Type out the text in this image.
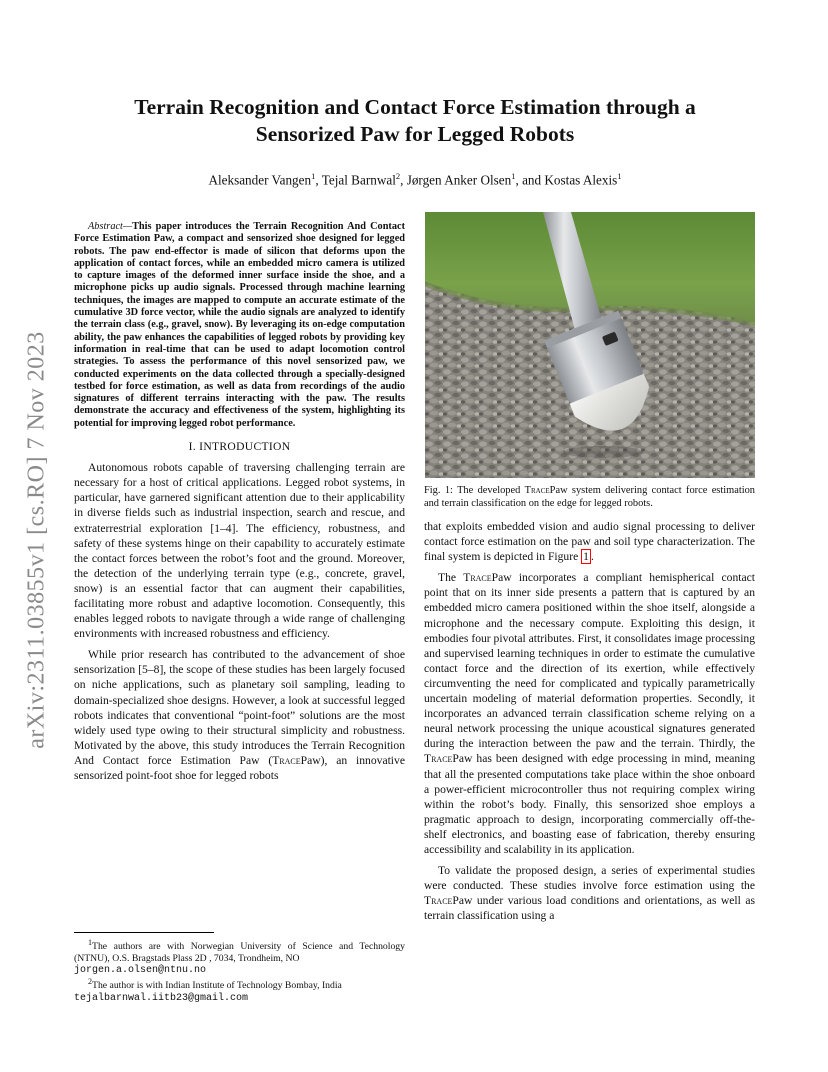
arXiv:2311.03855v1 [cs.RO] 7 Nov 2023
Terrain Recognition and Contact Force Estimation through a Sensorized Paw for Legged Robots
Aleksander Vangen$^1$, Tejal Barnwal$^2$, Jørgen Anker Olsen$^1$, and Kostas Alexis$^1$

Abstract—This paper introduces the Terrain Recognition And Contact Force Estimation Paw, a compact and sensorized shoe designed for legged robots. The paw end-effector is made of silicon that deforms upon the application of contact forces, while an embedded micro camera is utilized to capture images of the deformed inner surface inside the shoe, and a microphone picks up audio signals. Processed through machine learning techniques, the images are mapped to compute an accurate estimate of the cumulative 3D force vector, while the audio signals are analyzed to identify the terrain class (e.g., gravel, snow). By leveraging its on-edge computation ability, the paw enhances the capabilities of legged robots by providing key information in real-time that can be used to adapt locomotion control strategies. To assess the performance of this novel sensorized paw, we conducted experiments on the data collected through a specially-designed testbed for force estimation, as well as data from recordings of the audio signatures of different terrains interacting with the paw. The results demonstrate the accuracy and effectiveness of the system, highlighting its potential for improving legged robot performance.

I. INTRODUCTION

Autonomous robots capable of traversing challenging terrain are necessary for a host of critical applications. Legged robot systems, in particular, have garnered significant attention due to their applicability in diverse fields such as industrial inspection, search and rescue, and extraterrestrial exploration [1–4]. The efficiency, robustness, and safety of these systems hinge on their capability to accurately estimate the contact forces between the robot’s foot and the ground. Moreover, the detection of the underlying terrain type (e.g., concrete, gravel, snow) is an essential factor that can augment their capabilities, facilitating more robust and adaptive locomotion. Consequently, this enables legged robots to navigate through a wide range of challenging environments with increased robustness and efficiency.

While prior research has contributed to the advancement of shoe sensorization [5–8], the scope of these studies has been largely focused on niche applications, such as planetary soil sampling, leading to domain-specialized shoe designs. However, a look at successful legged robots indicates that conventional “point-foot” solutions are the most widely used type owing to their structural simplicity and robustness. Motivated by the above, this study introduces the Terrain Recognition And Contact force Estimation Paw (TracePaw), an innovative sensorized point-foot shoe for legged robots

$^1$The authors are with Norwegian University of Science and Technology (NTNU), O.S. Bragstads Plass 2D , 7034, Trondheim, NO
jorgen.a.olsen@ntnu.no

$^2$The author is with Indian Institute of Technology Bombay, India
tejalbarnwal.iitb23@gmail.com

Fig. 1: The developed TracePaw system delivering contact force estimation and terrain classification on the edge for legged robots.

that exploits embedded vision and audio signal processing to deliver contact force estimation on the paw and soil type characterization. The final system is depicted in Figure 1 .

The TracePaw incorporates a compliant hemispherical contact point that on its inner side presents a pattern that is captured by an embedded micro camera positioned within the shoe itself, alongside a microphone and the necessary compute. Exploiting this design, it embodies four pivotal attributes. First, it consolidates image processing and supervised learning techniques in order to estimate the cumulative contact force and the direction of its exertion, while effectively circumventing the need for complicated and typically parametrically uncertain modeling of material deformation properties. Secondly, it incorporates an advanced terrain classification scheme relying on a neural network processing the unique acoustical signatures generated during the interaction between the paw and the terrain. Thirdly, the TracePaw has been designed with edge processing in mind, meaning that all the presented computations take place within the shoe onboard a power-efficient microcontroller thus not requiring complex wiring within the robot’s body. Finally, this sensorized shoe employs a pragmatic approach to design, incorporating commercially off-the-shelf electronics, and boasting ease of fabrication, thereby ensuring accessibility and scalability in its application.

To validate the proposed design, a series of experimental studies were conducted. These studies involve force estimation using the TracePaw under various load conditions and orientations, as well as terrain classification using a
